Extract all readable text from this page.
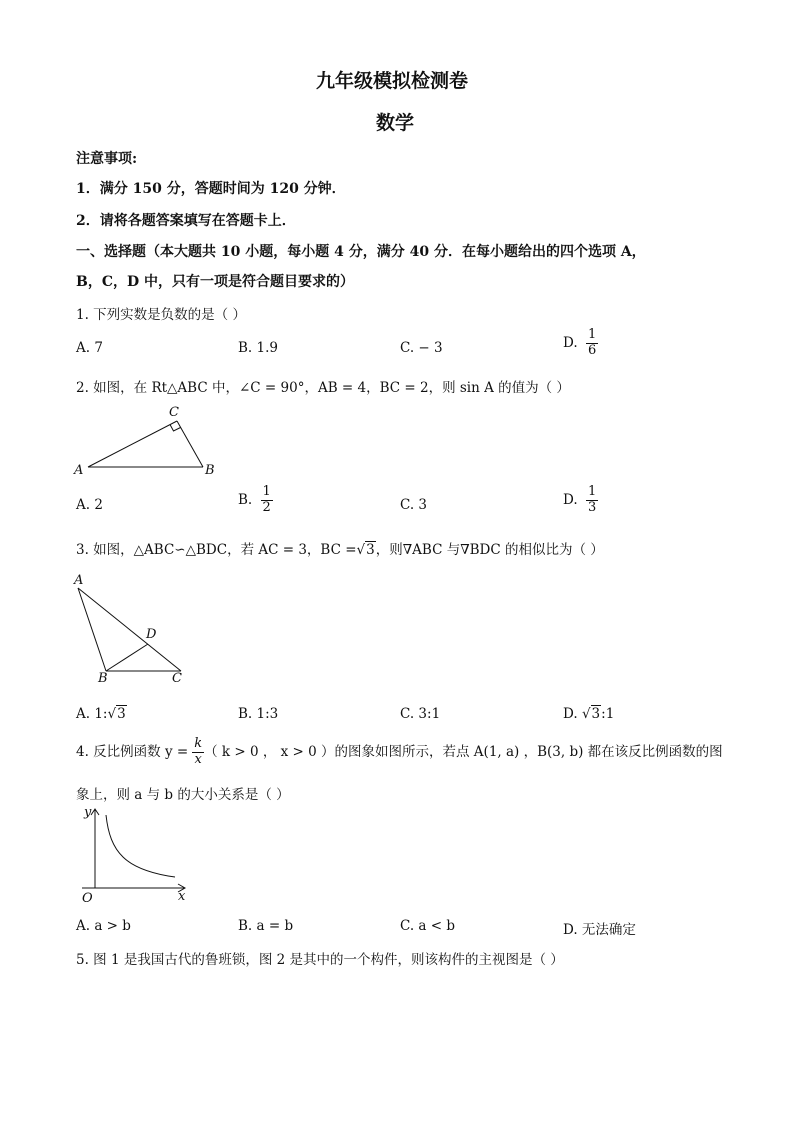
九年级模拟检测卷
数学
注意事项:
1．满分 150 分，答题时间为 120 分钟．
2．请将各题答案填写在答题卡上．
一、选择题（本大题共 10 小题，每小题 4 分，满分 40 分．在每小题给出的四个选项 A，
B，C，D 中，只有一项是符合题目要求的）
1. 下列实数是负数的是（ ）
A. 7	B. 1.9	C. − 3	D. $\frac{1}{6}$
2. 如图，在 Rt△ABC 中，∠C = 90°，AB = 4，BC = 2，则 sin A 的值为（ ）
C
A	B
A. 2	B. $\frac{1}{2}$	C. 3	D. $\frac{1}{3}$
3. 如图，△ABC∽△BDC，若 AC = 3，BC =√3，则∇ABC 与∇BDC 的相似比为（ ）
A
D
B	C
A. 1:√3	B. 1:3	C. 3:1	D. √3:1
4. 反比例函数 $y = \frac{k}{x}$ （ k > 0 ， x > 0 ）的图象如图所示，若点 A(1, a) ，B(3, b) 都在该反比例函数的图
象上，则 a 与 b 的大小关系是（ ）
y
O	x
A. a > b	B. a = b	C. a < b	D. 无法确定
5. 图 1 是我国古代的鲁班锁，图 2 是其中的一个构件，则该构件的主视图是（ ）
